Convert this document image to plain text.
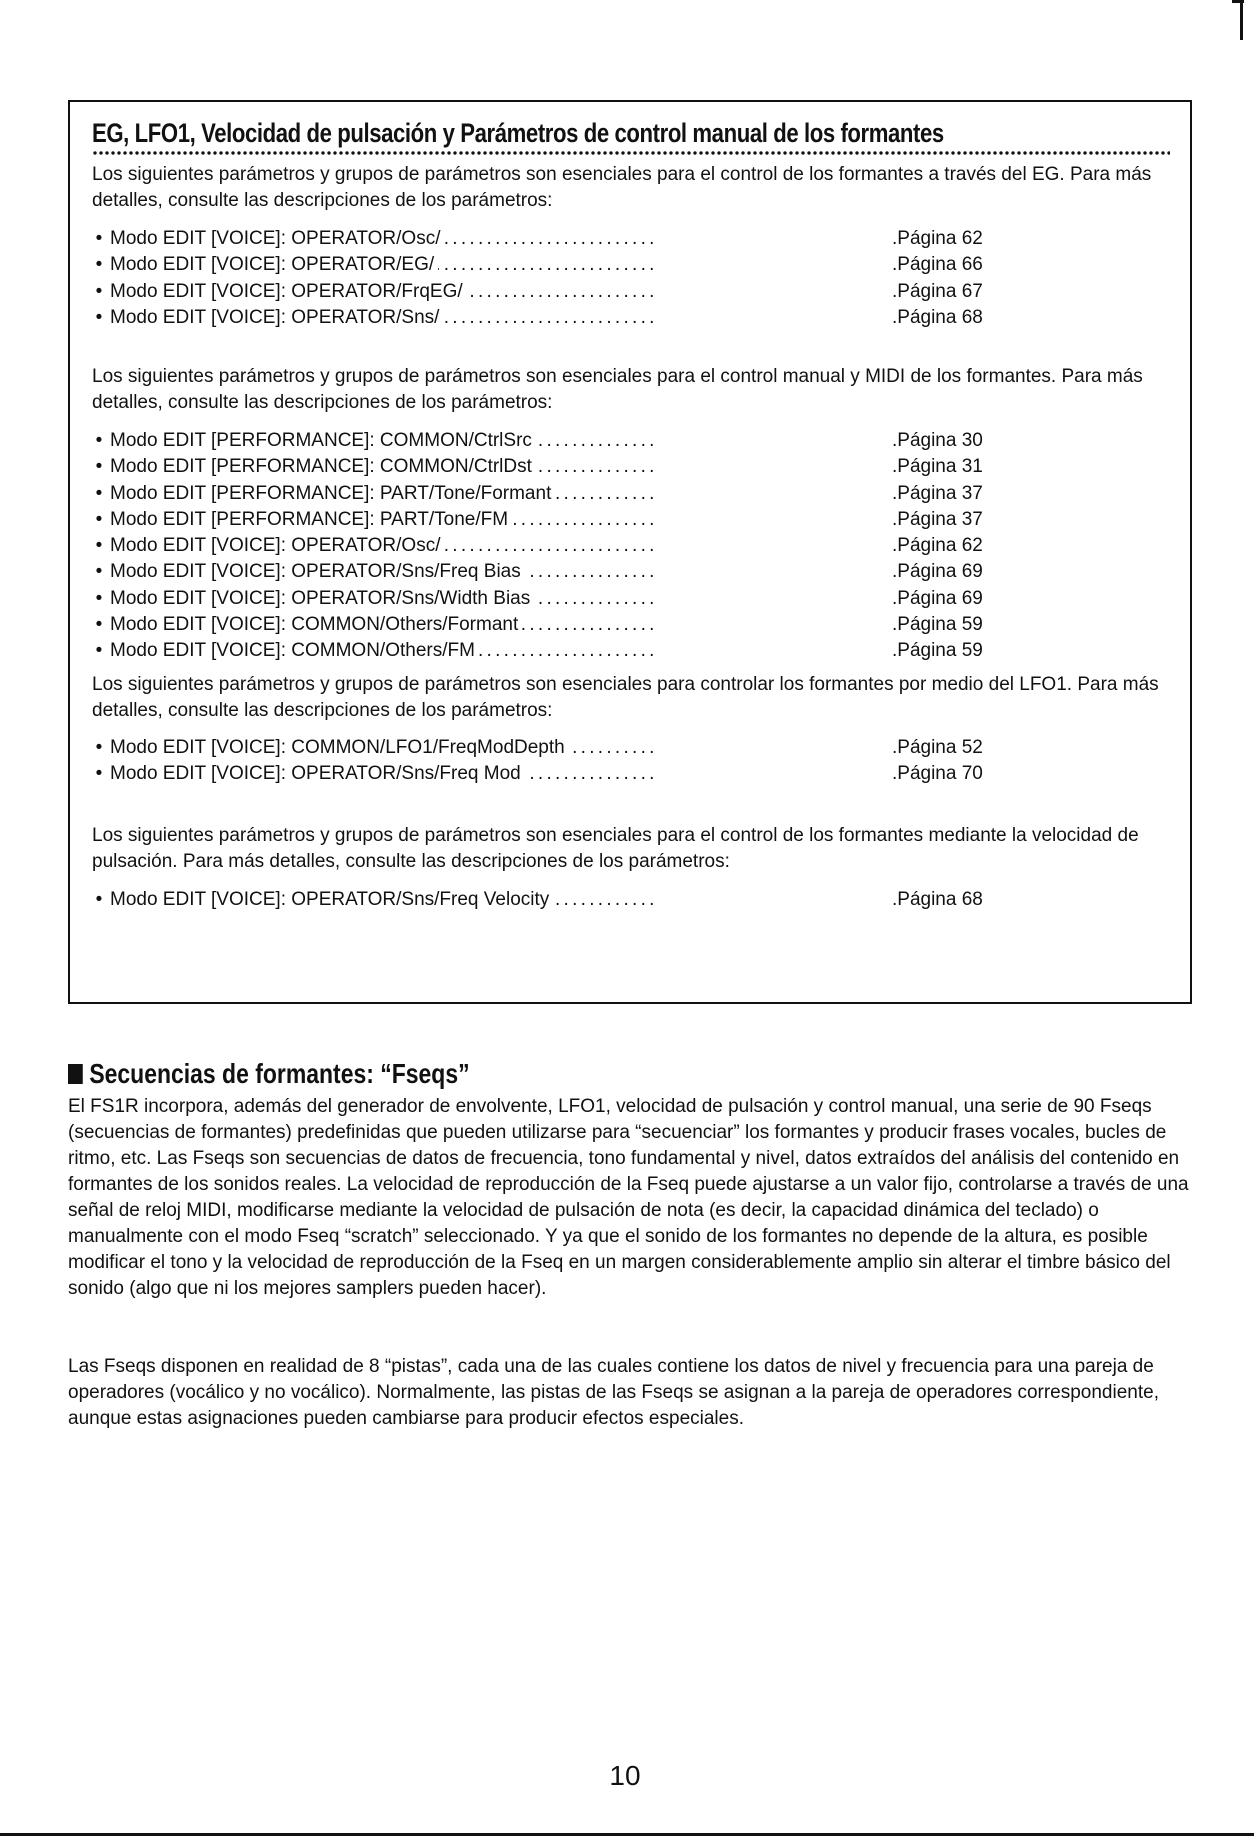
EG, LFO1, Velocidad de pulsación y Parámetros de control manual de los formantes
Los siguientes parámetros y grupos de parámetros son esenciales para el control de los formantes a través del EG. Para más detalles, consulte las descripciones de los parámetros:
• Modo EDIT [VOICE]: OPERATOR/Osc/ . . .	.Página 62
• Modo EDIT [VOICE]: OPERATOR/EG/ . . .	.Página 66
• Modo EDIT [VOICE]: OPERATOR/FrqEG/ . . .	.Página 67
• Modo EDIT [VOICE]: OPERATOR/Sns/ . . .	.Página 68
Los siguientes parámetros y grupos de parámetros son esenciales para el control manual y MIDI de los formantes. Para más detalles, consulte las descripciones de los parámetros:
• Modo EDIT [PERFORMANCE]: COMMON/CtrlSrc . . .	.Página 30
• Modo EDIT [PERFORMANCE]: COMMON/CtrlDst . . .	.Página 31
• Modo EDIT [PERFORMANCE]: PART/Tone/Formant . . .	.Página 37
• Modo EDIT [PERFORMANCE]: PART/Tone/FM . . .	.Página 37
• Modo EDIT [VOICE]: OPERATOR/Osc/ . . .	.Página 62
• Modo EDIT [VOICE]: OPERATOR/Sns/Freq Bias . . .	.Página 69
• Modo EDIT [VOICE]: OPERATOR/Sns/Width Bias . . .	.Página 69
• Modo EDIT [VOICE]: COMMON/Others/Formant . . .	.Página 59
• Modo EDIT [VOICE]: COMMON/Others/FM . . .	.Página 59
Los siguientes parámetros y grupos de parámetros son esenciales para controlar los formantes por medio del LFO1. Para más detalles, consulte las descripciones de los parámetros:
• Modo EDIT [VOICE]: COMMON/LFO1/FreqModDepth . . .	.Página 52
• Modo EDIT [VOICE]: OPERATOR/Sns/Freq Mod . . .	.Página 70
Los siguientes parámetros y grupos de parámetros son esenciales para el control de los formantes mediante la velocidad de pulsación. Para más detalles, consulte las descripciones de los parámetros:
• Modo EDIT [VOICE]: OPERATOR/Sns/Freq Velocity . . .	.Página 68
Secuencias de formantes: “Fseqs”
El FS1R incorpora, además del generador de envolvente, LFO1, velocidad de pulsación y control manual, una serie de 90 Fseqs (secuencias de formantes) predefinidas que pueden utilizarse para “secuenciar” los formantes y producir frases vocales, bucles de ritmo, etc. Las Fseqs son secuencias de datos de frecuencia, tono fundamental y nivel, datos extraídos del análisis del contenido en formantes de los sonidos reales. La velocidad de reproducción de la Fseq puede ajustarse a un valor fijo, controlarse a través de una señal de reloj MIDI, modificarse mediante la velocidad de pulsación de nota (es decir, la capacidad dinámica del teclado) o manualmente con el modo Fseq “scratch” seleccionado. Y ya que el sonido de los formantes no depende de la altura, es posible modificar el tono y la velocidad de reproducción de la Fseq en un margen considerablemente amplio sin alterar el timbre básico del sonido (algo que ni los mejores samplers pueden hacer).
Las Fseqs disponen en realidad de 8 “pistas”, cada una de las cuales contiene los datos de nivel y frecuencia para una pareja de operadores (vocálico y no vocálico). Normalmente, las pistas de las Fseqs se asignan a la pareja de operadores correspondiente, aunque estas asignaciones pueden cambiarse para producir efectos especiales.
10
